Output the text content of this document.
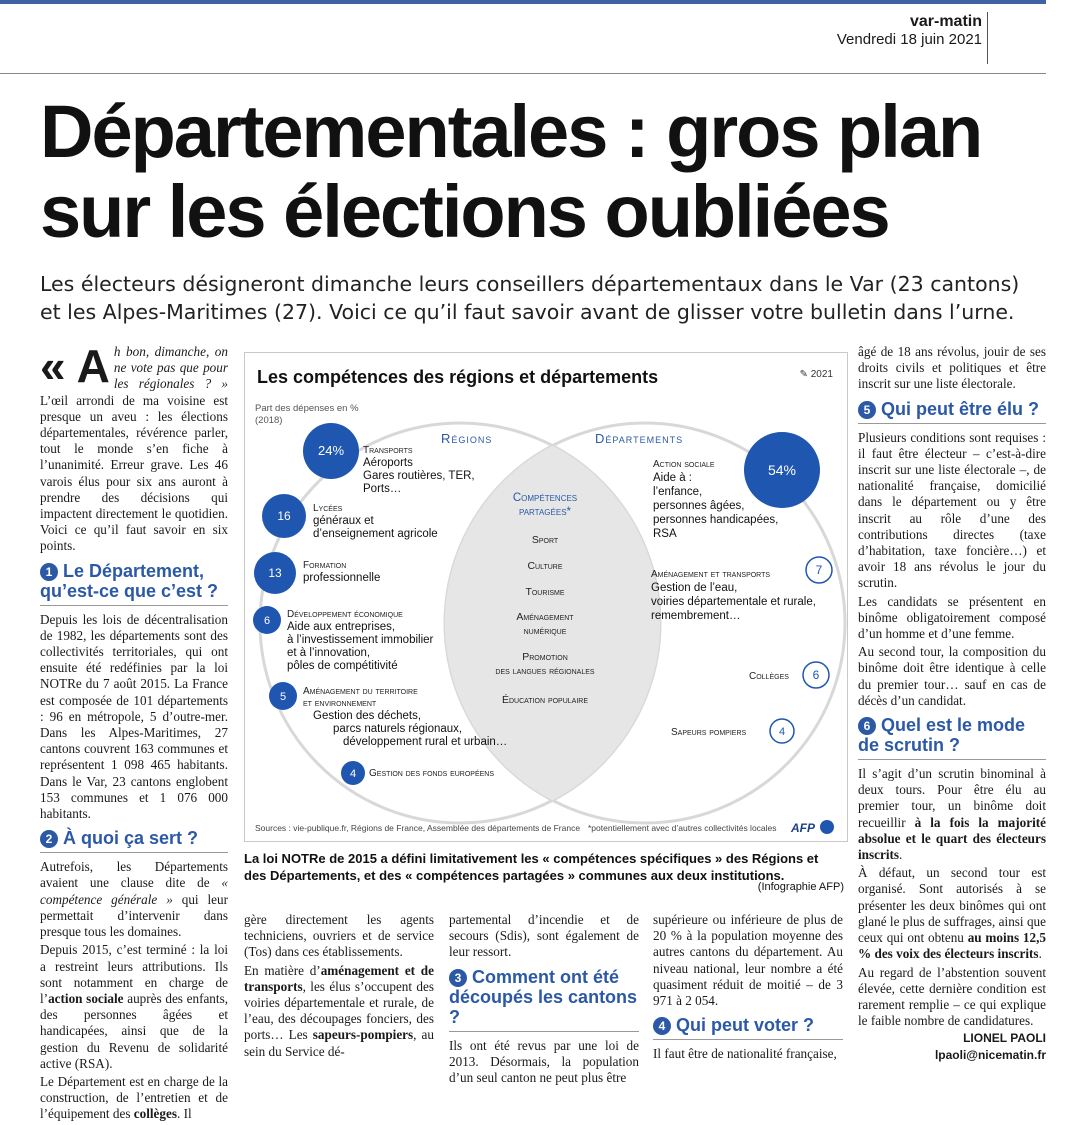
var-matin
Vendredi 18 juin 2021
Départementales : gros plan
sur les élections oubliées

Les électeurs désigneront dimanche leurs conseillers départementaux dans le Var (23 cantons) et les Alpes-Maritimes (27). Voici ce qu’il faut savoir avant de glisser votre bulletin dans l’urne.

« A h bon, dimanche, on ne vote pas que pour les régionales ? » L’œil arrondi de ma voisine est presque un aveu : les élections départementales, révérence parler, tout le monde s’en fiche à l’unanimité. Erreur grave. Les 46 varois élus pour six ans auront à prendre des décisions qui impactent directement le quotidien. Voici ce qu’il faut savoir en six points.

1 Le Département, qu’est-ce que c’est ?

Depuis les lois de décentralisation de 1982, les départements sont des collectivités territoriales, qui ont ensuite été redéfinies par la loi NOTRe du 7 août 2015. La France est composée de 101 départements : 96 en métropole, 5 d’outre-mer. Dans les Alpes-Maritimes, 27 cantons couvrent 163 communes et représentent 1 098 465 habitants. Dans le Var, 23 cantons englobent 153 communes et 1 076 000 habitants.

2 À quoi ça sert ?

Autrefois, les Départements avaient une clause dite de « compétence générale » qui leur permettait d’intervenir dans presque tous les domaines.

Depuis 2015, c’est terminé : la loi a restreint leurs attributions. Ils sont notamment en charge de l’action sociale auprès des enfants, des personnes âgées et handicapées, ainsi que de la gestion du Revenu de solidarité active (RSA).

Le Département est en charge de la construction, de l’entretien et de l’équipement des collèges. Il

Les compétences des régions et départements	✎ 2021
Part des dépenses en %
(2018)
Régions	Départements
Compétences
partagées*
24% Transports
Aéroports
Gares routières, TER,
Ports…
16
Lycées
généraux et
d’enseignement agricole
13
Formation
professionnelle
6
Développement économique
Aide aux entreprises,
à l’investissement immobilier
et à l’innovation,
pôles de compétitivité
5 Aménagement du territoire
et environnement
Gestion des déchets,
parcs naturels régionaux,
développement rural et urbain…
4 Gestion des fonds européens
Sport
Culture
Tourisme
Aménagement
numérique
Promotion
des langues régionales
Éducation populaire
54%
Action sociale
Aide à :
l’enfance,
personnes âgées,
personnes handicapées,
RSA
7
Aménagement et transports
Gestion de l’eau,
voiries départementale et rurale,
remembrement…
6
Collèges
4
Sapeurs pompiers
Sources : vie-publique.fr, Régions de France, Assemblée des départements de France *potentiellement avec d’autres collectivités locales AFP
La loi NOTRe de 2015 a défini limitativement les « compétences spécifiques » des Régions et des Départements, et des « compétences partagées » communes aux deux institutions.
(Infographie AFP)

gère directement les agents techniciens, ouvriers et de service (Tos) dans ces établissements.

En matière d’aménagement et de transports, les élus s’occupent des voiries départementale et rurale, de l’eau, des découpages fonciers, des ports… Les sapeurs-pompiers, au sein du Service dé-

partemental d’incendie et de secours (Sdis), sont également de leur ressort.

3 Comment ont été découpés les cantons ?

Ils ont été revus par une loi de 2013. Désormais, la population d’un seul canton ne peut plus être

supérieure ou inférieure de plus de 20 % à la population moyenne des autres cantons du département. Au niveau national, leur nombre a été quasiment réduit de moitié – de 3 971 à 2 054.

4 Qui peut voter ?

Il faut être de nationalité française,

âgé de 18 ans révolus, jouir de ses droits civils et politiques et être inscrit sur une liste électorale.

5 Qui peut être élu ?

Plusieurs conditions sont requises : il faut être électeur – c’est-à-dire inscrit sur une liste électorale –, de nationalité française, domicilié dans le département ou y être inscrit au rôle d’une des contributions directes (taxe d’habitation, taxe foncière…) et avoir 18 ans révolus le jour du scrutin.

Les candidats se présentent en binôme obligatoirement composé d’un homme et d’une femme.

Au second tour, la composition du binôme doit être identique à celle du premier tour… sauf en cas de décès d’un candidat.

6 Quel est le mode de scrutin ?

Il s’agit d’un scrutin binominal à deux tours. Pour être élu au premier tour, un binôme doit recueillir à la fois la majorité absolue et le quart des électeurs inscrits.

À défaut, un second tour est organisé. Sont autorisés à se présenter les deux binômes qui ont glané le plus de suffrages, ainsi que ceux qui ont obtenu au moins 12,5 % des voix des électeurs inscrits.

Au regard de l’abstention souvent élevée, cette dernière condition est rarement remplie – ce qui explique le faible nombre de candidatures.

LIONEL PAOLI
lpaoli@nicematin.fr
